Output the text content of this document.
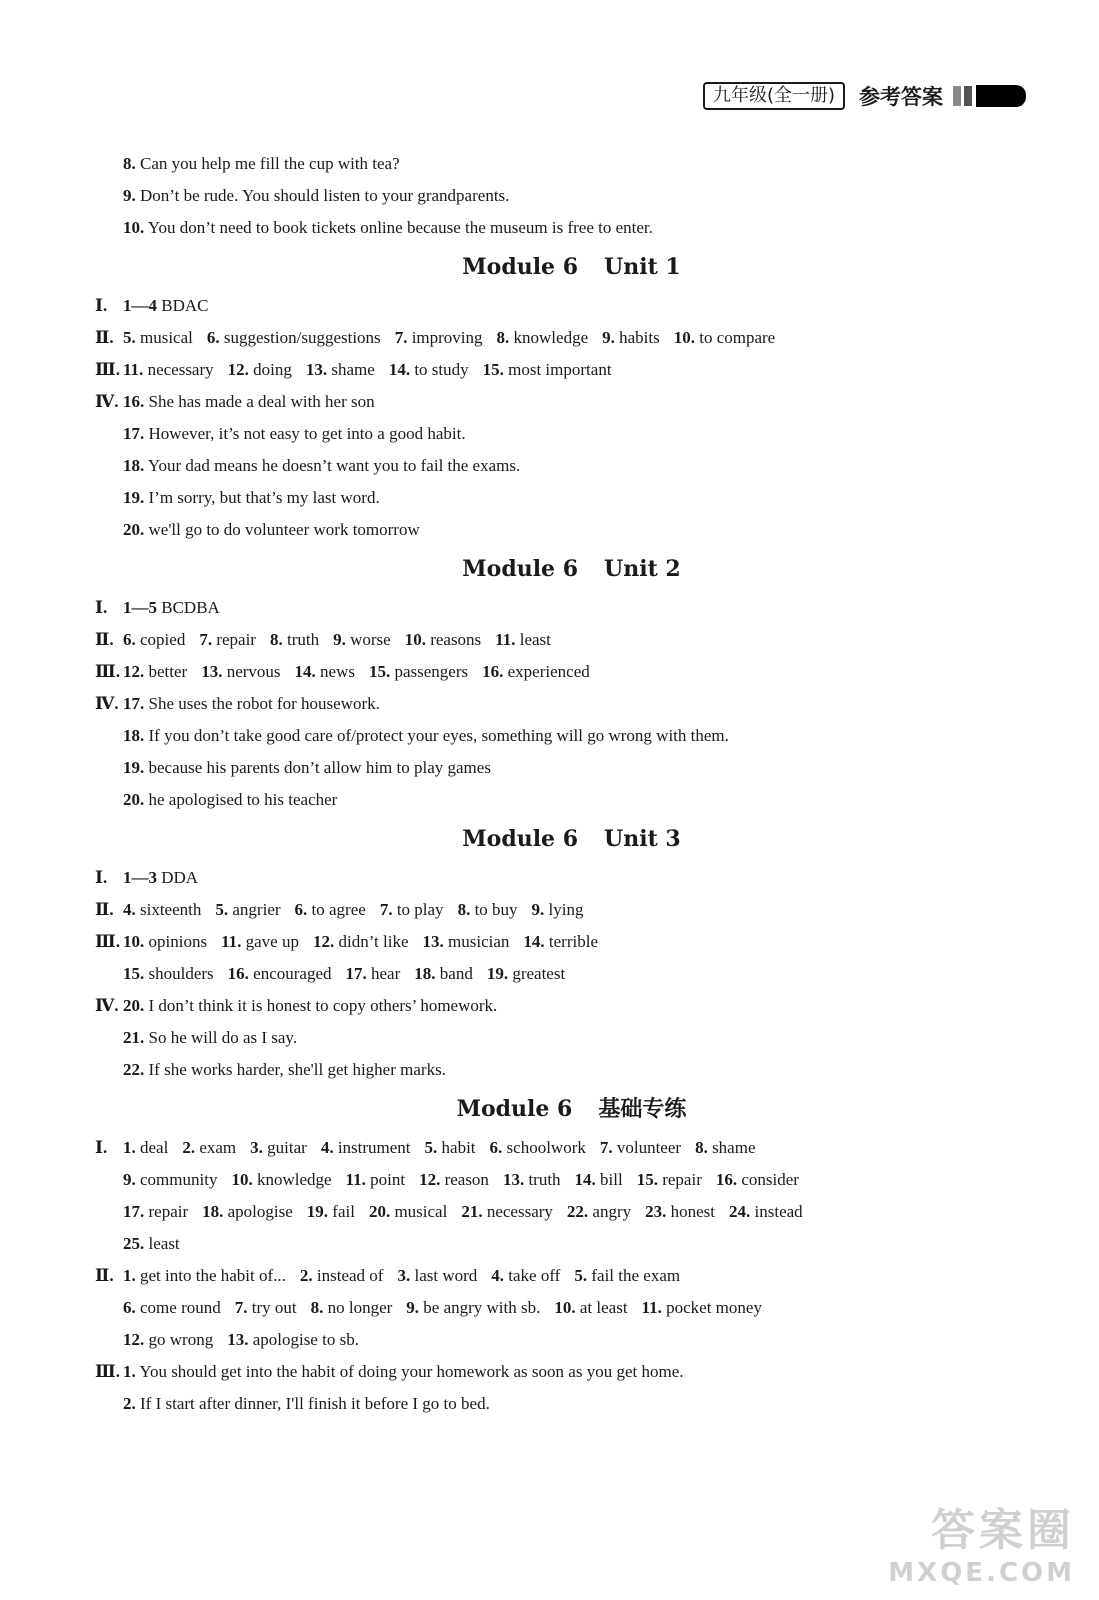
九年级(全一册)	参考答案
8. Can you help me fill the cup with tea?
9. Don’t be rude. You should listen to your grandparents.
10. You don’t need to book tickets online because the museum is free to enter.
Module 6 Unit 1
Ⅰ. 1—4 BDAC
Ⅱ. 5. musical 6. suggestion/suggestions 7. improving 8. knowledge 9. habits 10. to compare
Ⅲ. 11. necessary 12. doing 13. shame 14. to study 15. most important
Ⅳ. 16. She has made a deal with her son
17. However, it’s not easy to get into a good habit.
18. Your dad means he doesn’t want you to fail the exams.
19. I’m sorry, but that’s my last word.
20. we'll go to do volunteer work tomorrow
Module 6 Unit 2
Ⅰ. 1—5 BCDBA
Ⅱ. 6. copied 7. repair 8. truth 9. worse 10. reasons 11. least
Ⅲ. 12. better 13. nervous 14. news 15. passengers 16. experienced
Ⅳ. 17. She uses the robot for housework.
18. If you don’t take good care of/protect your eyes, something will go wrong with them.
19. because his parents don’t allow him to play games
20. he apologised to his teacher
Module 6 Unit 3
Ⅰ. 1—3 DDA
Ⅱ. 4. sixteenth 5. angrier 6. to agree 7. to play 8. to buy 9. lying
Ⅲ. 10. opinions 11. gave up 12. didn’t like 13. musician 14. terrible
15. shoulders 16. encouraged 17. hear 18. band 19. greatest
Ⅳ. 20. I don’t think it is honest to copy others’ homework.
21. So he will do as I say.
22. If she works harder, she'll get higher marks.
Module 6 基础专练
Ⅰ. 1. deal 2. exam 3. guitar 4. instrument 5. habit 6. schoolwork 7. volunteer 8. shame
9. community 10. knowledge 11. point 12. reason 13. truth 14. bill 15. repair 16. consider
17. repair 18. apologise 19. fail 20. musical 21. necessary 22. angry 23. honest 24. instead
25. least
Ⅱ. 1. get into the habit of... 2. instead of 3. last word 4. take off 5. fail the exam
6. come round 7. try out 8. no longer 9. be angry with sb. 10. at least 11. pocket money
12. go wrong 13. apologise to sb.
Ⅲ. 1. You should get into the habit of doing your homework as soon as you get home.
2. If I start after dinner, I'll finish it before I go to bed.
答案圈
MXQE.COM
